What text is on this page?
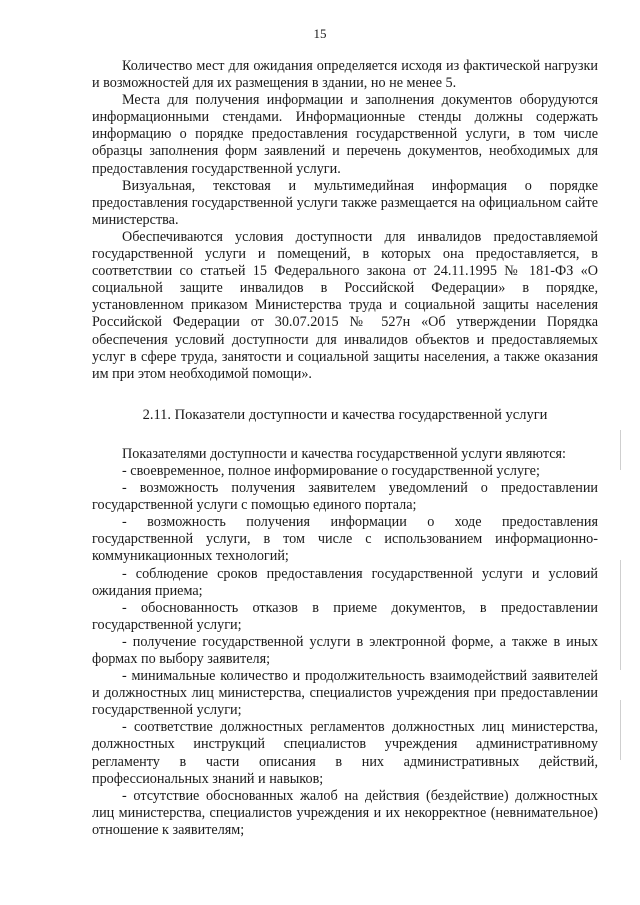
15

Количество мест для ожидания определяется исходя из фактической нагрузки и возможностей для их размещения в здании, но не менее 5.

Места для получения информации и заполнения документов оборудуются информационными стендами. Информационные стенды должны содержать информацию о порядке предоставления государственной услуги, в том числе образцы заполнения форм заявлений и перечень документов, необходимых для предоставления государственной услуги.

Визуальная, текстовая и мультимедийная информация о порядке предоставления государственной услуги также размещается на официальном сайте министерства.

Обеспечиваются условия доступности для инвалидов предоставляемой государственной услуги и помещений, в которых она предоставляется, в соответствии со статьей 15 Федерального закона от 24.11.1995 № 181-ФЗ «О социальной защите инвалидов в Российской Федерации» в порядке, установленном приказом Министерства труда и социальной защиты населения Российской Федерации от 30.07.2015 № 527н «Об утверждении Порядка обеспечения условий доступности для инвалидов объектов и предоставляемых услуг в сфере труда, занятости и социальной защиты населения, а также оказания им при этом необходимой помощи».

2.11. Показатели доступности и качества государственной услуги

Показателями доступности и качества государственной услуги являются:

- своевременное, полное информирование о государственной услуге;

- возможность получения заявителем уведомлений о предоставлении государственной услуги с помощью единого портала;

- возможность получения информации о ходе предоставления государственной услуги, в том числе с использованием информационно-коммуникационных технологий;

- соблюдение сроков предоставления государственной услуги и условий ожидания приема;

- обоснованность отказов в приеме документов, в предоставлении государственной услуги;

- получение государственной услуги в электронной форме, а также в иных формах по выбору заявителя;

- минимальные количество и продолжительность взаимодействий заявителей и должностных лиц министерства, специалистов учреждения при предоставлении государственной услуги;

- соответствие должностных регламентов должностных лиц министерства, должностных инструкций специалистов учреждения административному регламенту в части описания в них административных действий, профессиональных знаний и навыков;

- отсутствие обоснованных жалоб на действия (бездействие) должностных лиц министерства, специалистов учреждения и их некорректное (невнимательное) отношение к заявителям;
